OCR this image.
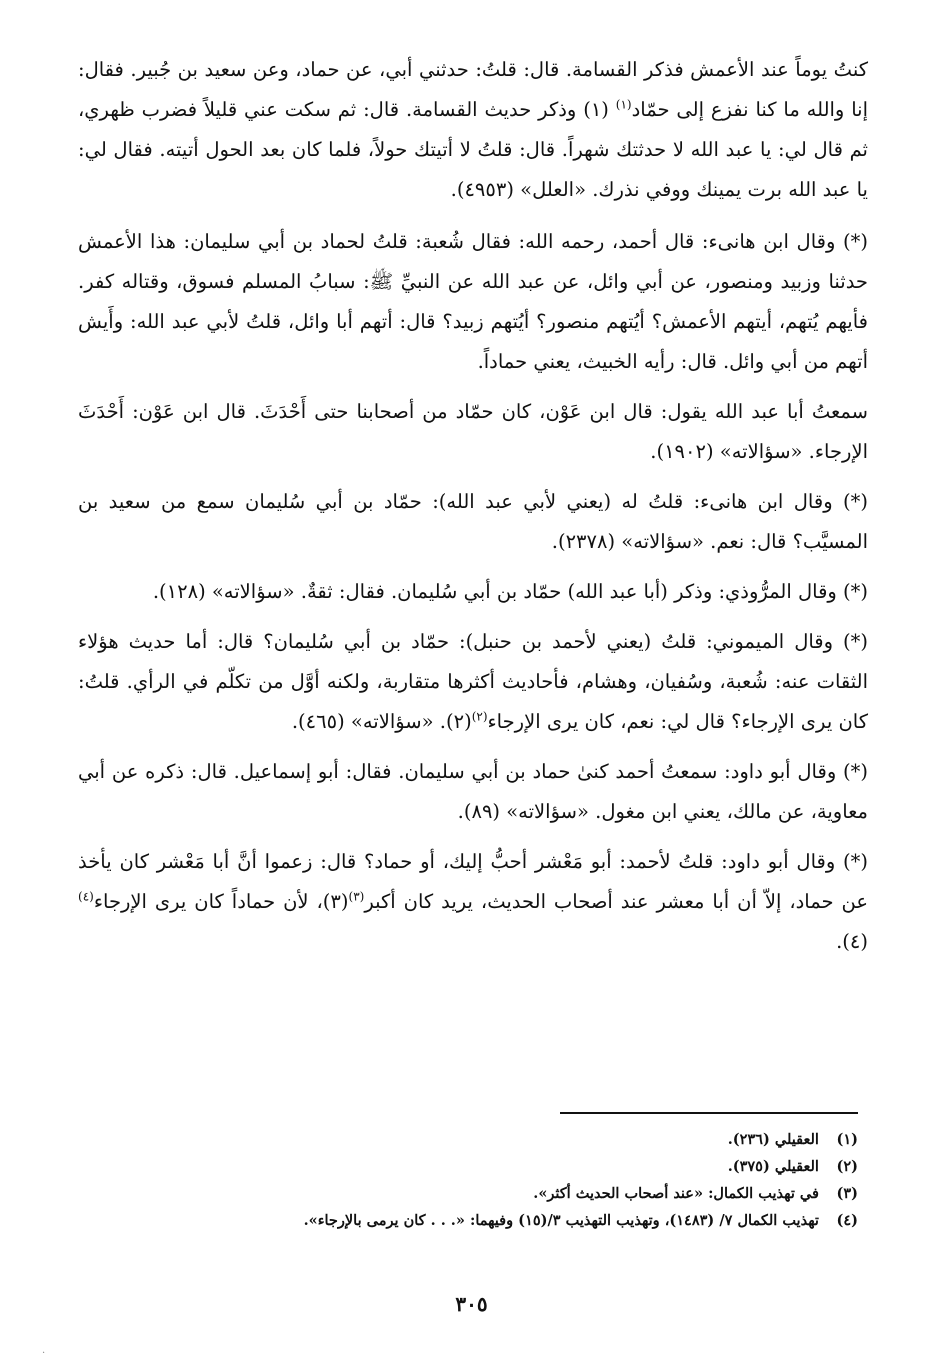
كنتُ يوماً عند الأعمش فذكر القسامة. قال: قلتُ: حدثني أبي، عن حماد، وعن سعيد بن جُبير. فقال: إنا والله ما كنا نفزع إلى حمّاد$^{(١)}$ (١) وذكر حديث القسامة. قال: ثم سكت عني قليلاً فضرب ظهري، ثم قال لي: يا عبد الله لا حدثتك شهراً. قال: قلتُ لا أتيتك حولاً، فلما كان بعد الحول أتيته. فقال لي: يا عبد الله برت يمينك ووفي نذرك. «العلل» (٤٩٥٣).

(*) وقال ابن هانىء: قال أحمد، رحمه الله: فقال شُعبة: قلتُ لحماد بن أبي سليمان: هذا الأعمش حدثنا وزبيد ومنصور، عن أبي وائل، عن عبد الله عن النبيِّ ﷺ: سبابُ المسلم فسوق، وقتاله كفر. فأيهم يُتهم، أيتهم الأعمش؟ أيُتهم منصور؟ أيُتهم زبيد؟ قال: أتهم أبا وائل، قلتُ لأبي عبد الله: وأَيش أتهم من أبي وائل. قال: رأيه الخبيث، يعني حماداً.

سمعتُ أبا عبد الله يقول: قال ابن عَوْن، كان حمّاد من أصحابنا حتى أَحْدَثَ. قال ابن عَوْن: أَحْدَثَ الإرجاء. «سؤالاته» (١٩٠٢).

(*) وقال ابن هانىء: قلتُ له (يعني لأبي عبد الله): حمّاد بن أبي سُليمان سمع من سعيد بن المسيَّب؟ قال: نعم. «سؤالاته» (٢٣٧٨).

(*) وقال المرُّوذي: وذكر (أبا عبد الله) حمّاد بن أبي سُليمان. فقال: ثقةٌ. «سؤالاته» (١٢٨).

(*) وقال الميموني: قلتُ (يعني لأحمد بن حنبل): حمّاد بن أبي سُليمان؟ قال: أما حديث هؤلاء الثقات عنه: شُعبة، وسُفيان، وهشام، فأحاديث أكثرها متقاربة، ولكنه أوَّل من تكلّم في الرأي. قلتُ: كان يرى الإرجاء؟ قال لي: نعم، كان يرى الإرجاء$^{(٢)}$(٢). «سؤالاته» (٤٦٥).

(*) وقال أبو داود: سمعتُ أحمد كنىٰ حماد بن أبي سليمان. فقال: أبو إسماعيل. قال: ذكره عن أبي معاوية، عن مالك، يعني ابن مغول. «سؤالاته» (٨٩).

(*) وقال أبو داود: قلتُ لأحمد: أبو مَعْشر أحبُّ إليك، أو حماد؟ قال: زعموا أنَّ أبا مَعْشر كان يأخذ عن حماد، إلاّ أن أبا معشر عند أصحاب الحديث، يريد كان أكبر$^{(٣)}$(٣)، لأن حماداً كان يرى الإرجاء$^{(٤)}$(٤).

(١) العقيلي (٢٣٦).
(٢) العقيلي (٣٧٥).
(٣) في تهذيب الكمال: «عند أصحاب الحديث أكثر».
(٤) تهذيب الكمال ٧/ (١٤٨٣)، وتهذيب التهذيب ٣/(١٥) وفيهما: «. . . كان يرمى بالإرجاء».
٣٠٥
.
